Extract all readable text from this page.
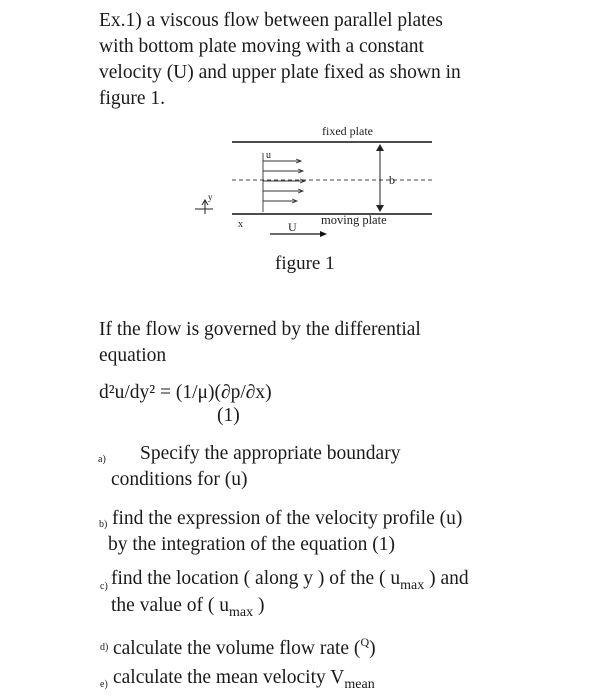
Ex.1) a viscous flow between parallel plates
with bottom plate moving with a constant
velocity (U) and upper plate fixed as shown in
figure 1.
fixed plate
u
b
y
x	U moving plate
figure 1
If the flow is governed by the differential
equation
d²u/dy² = (1/μ)(∂p/∂x)
(1)
a) Specify the appropriate boundary
conditions for (u)
b) find the expression of the velocity profile (u)
by the integration of the equation (1)
c) find the location ( along y ) of the ( $u_{max}$ ) and
the value of ( $u_{max}$ )
d) calculate the volume flow rate ($^Q$)
e) calculate the mean velocity $V_{mean}$
